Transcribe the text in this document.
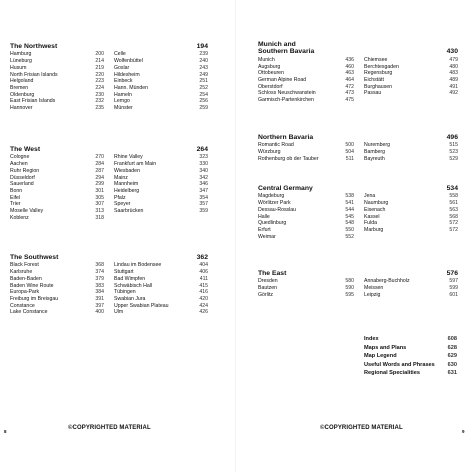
The Northwest	194
Hamburg	200
Lüneburg	214
Husum	219
North Frisian Islands	220
Helgoland	223
Bremen	224
Oldenburg	230
East Frisian Islands	232
Hannover	235
Celle	239
Wolfenbüttel	240
Goslar	243
Hildesheim	249
Einbeck	251
Hann. Münden	252
Hameln	254
Lemgo	256
Münster	259
The West	264
Cologne	270
Aachen	284
Ruhr Region	287
Düsseldorf	294
Sauerland	299
Bonn	301
Eifel	305
Trier	307
Moselle Valley	313
Koblenz	318
Rhine Valley	323
Frankfurt am Main	330
Wiesbaden	340
Mainz	342
Mannheim	346
Heidelberg	347
Pfalz	354
Speyer	357
Saarbrücken	359
The Southwest	362
Black Forest	368
Karlsruhe	374
Baden-Baden	379
Baden Wine Route	383
Europa-Park	384
Freiburg im Breisgau	391
Constance	397
Lake Constance	400
Lindau im Bodensee	404
Stuttgart	406
Bad Wimpfen	411
Schwäbisch Hall	415
Tübingen	416
Swabian Jura	420
Upper Swabian Plateau	424
Ulm	426
©COPYRIGHTED MATERIAL
8
Munich and
Southern Bavaria	430
Munich	436
Augsburg	460
Ottobeuren	463
German Alpine Road	464
Oberstdorf	472
Schloss Neuschwanstein	473
Garmisch-Partenkirchen	475
Chiemsee	479
Berchtesgaden	480
Regensburg	483
Eichstätt	489
Burghausen	491
Passau	492
Northern Bavaria	496
Romantic Road	500
Würzburg	504
Rothenburg ob der Tauber	511
Nuremberg	515
Bamberg	523
Bayreuth	529
Central Germany	534
Magdeburg	538
Wörlitzer Park	541
Dessau-Rosslau	544
Halle	545
Quedlinburg	548
Erfurt	550
Weimar	552
Jena	558
Naumburg	561
Eisenach	563
Kassel	568
Fulda	572
Marburg	572
The East	576
Dresden	580
Bautzen	590
Görlitz	595
Annaberg-Buchholz	597
Meissen	599
Leipzig	601
Index	608
Maps and Plans	628
Map Legend	629
Useful Words and Phrases 630
Regional Specialities	631
©COPYRIGHTED MATERIAL
9
